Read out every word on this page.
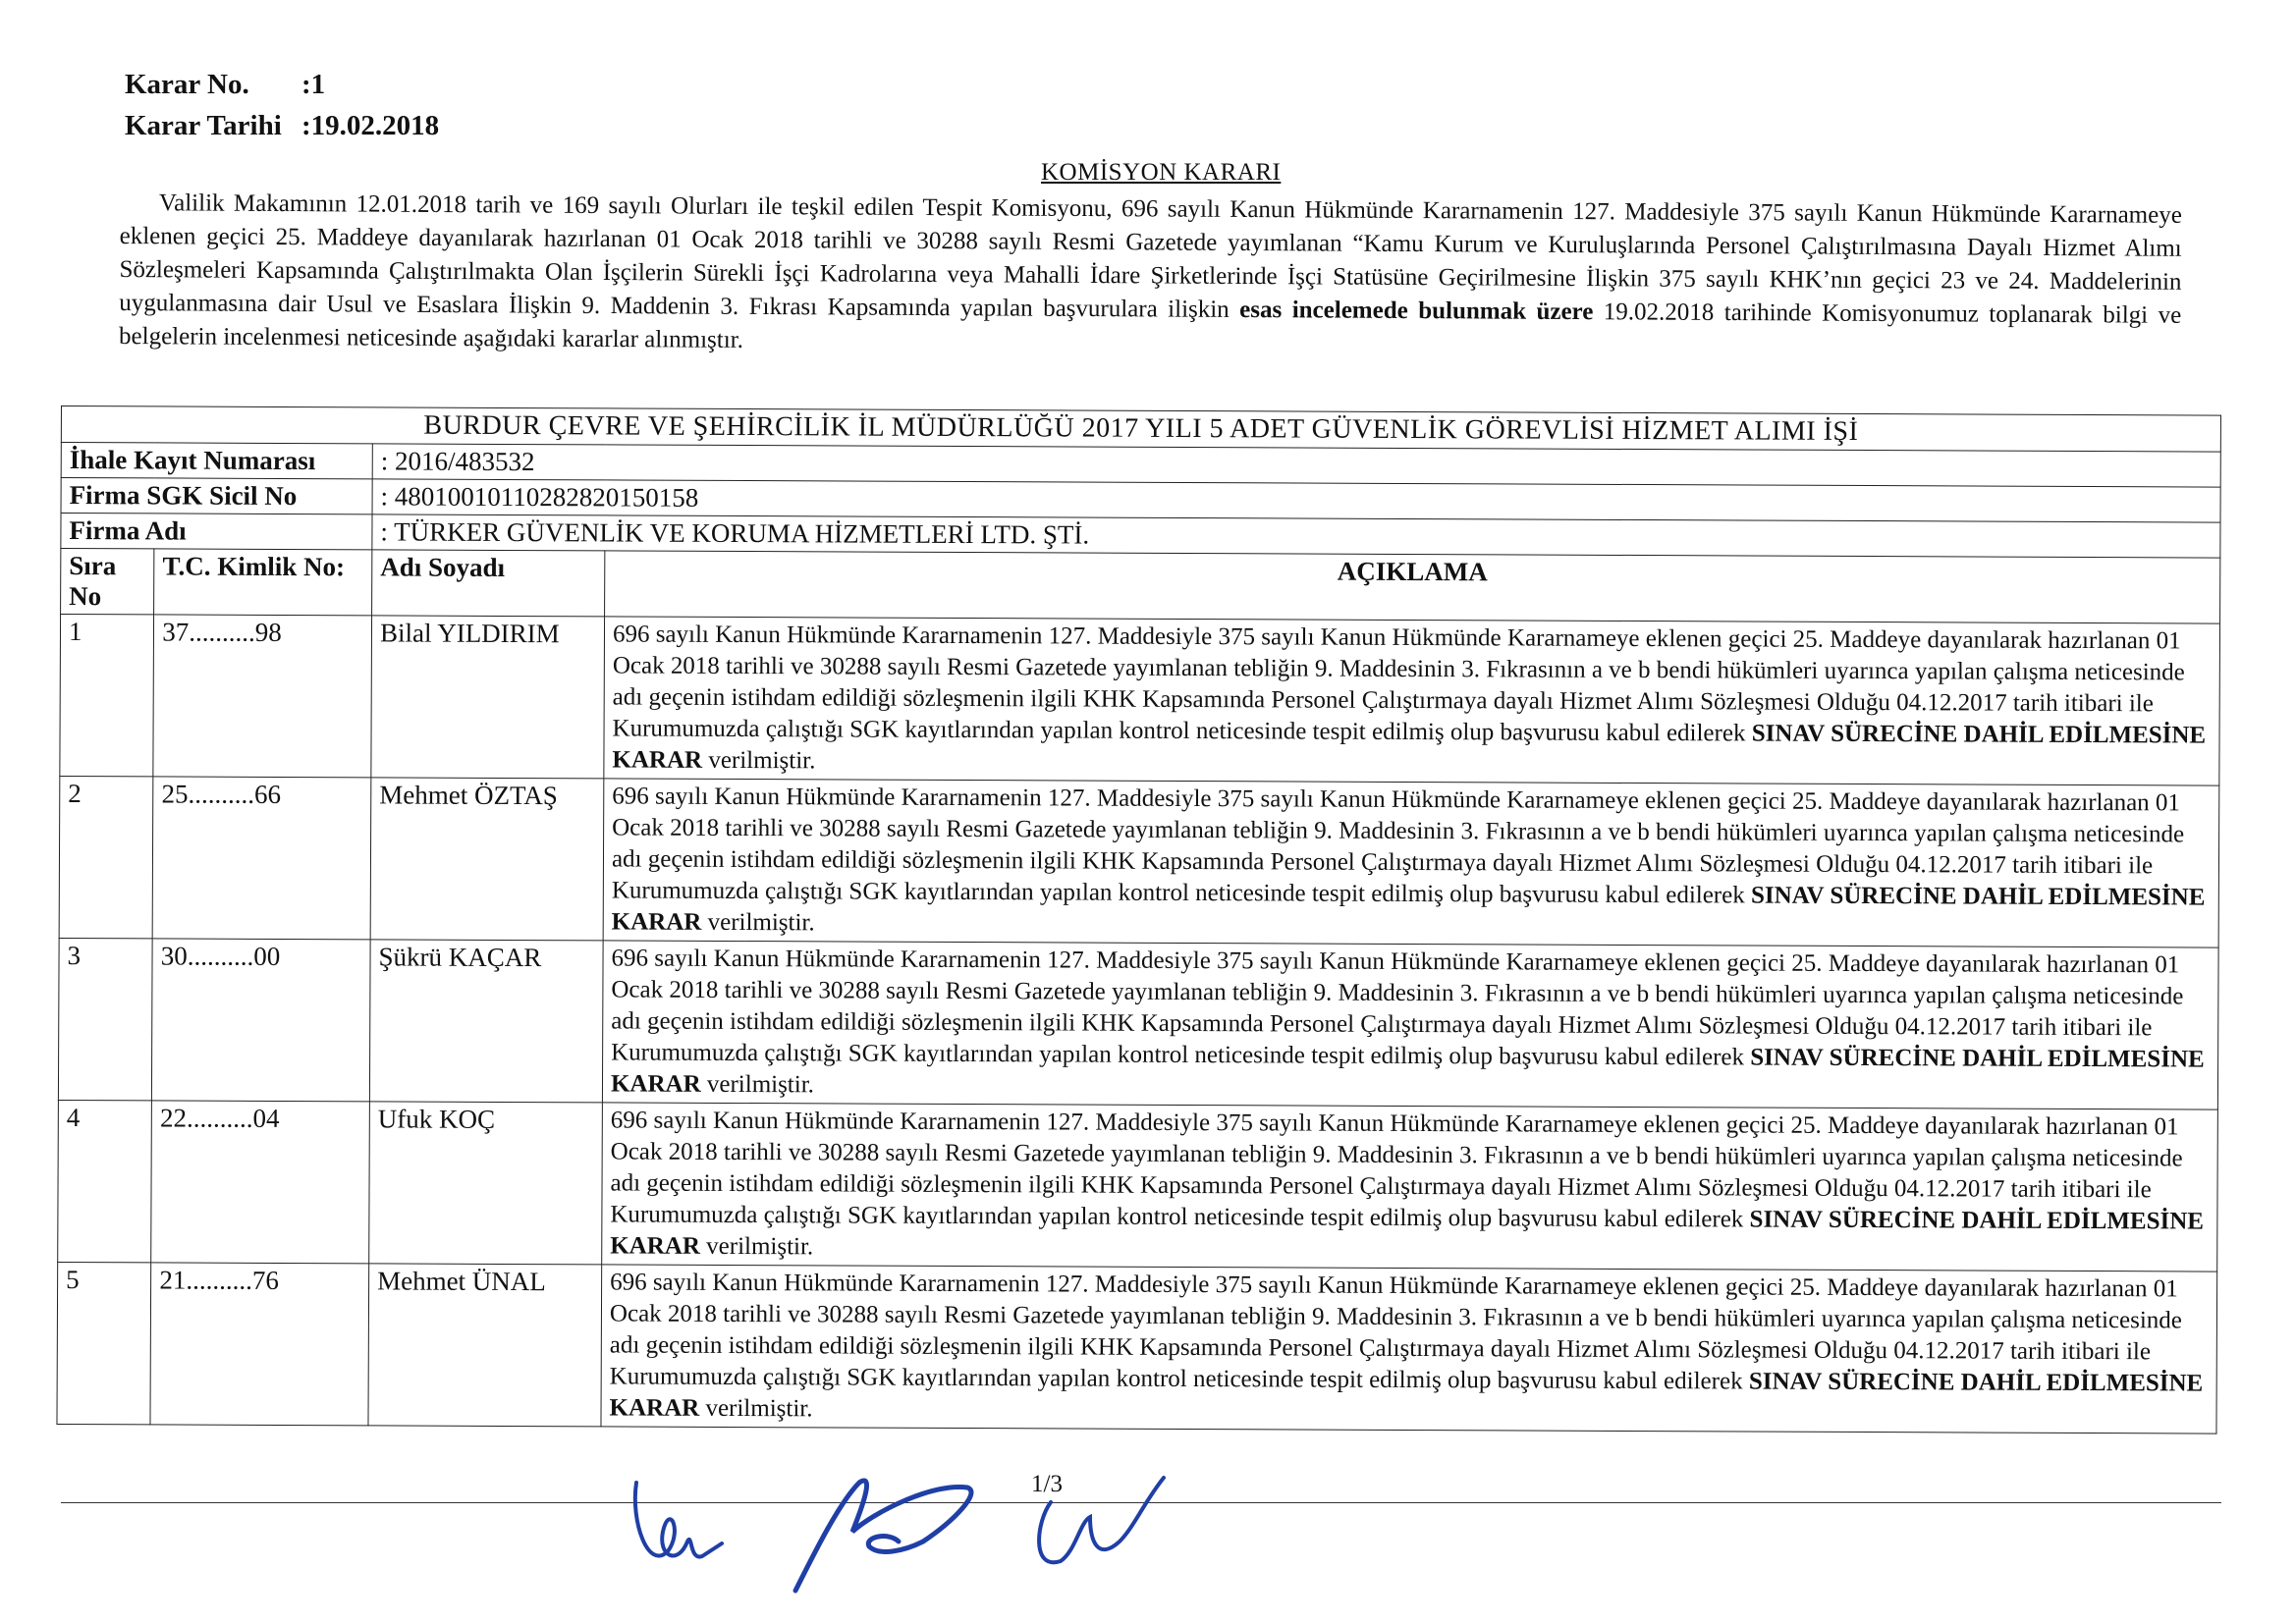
Karar No. :1
Karar Tarihi :19.02.2018
KOMİSYON KARARI
Valilik Makamının 12.01.2018 tarih ve 169 sayılı Olurları ile teşkil edilen Tespit Komisyonu, 696 sayılı Kanun Hükmünde Kararnamenin 127. Maddesiyle 375 sayılı Kanun Hükmünde Kararnameye eklenen geçici 25. Maddeye dayanılarak hazırlanan 01 Ocak 2018 tarihli ve 30288 sayılı Resmi Gazetede yayımlanan “Kamu Kurum ve Kuruluşlarında Personel Çalıştırılmasına Dayalı Hizmet Alımı Sözleşmeleri Kapsamında Çalıştırılmakta Olan İşçilerin Sürekli İşçi Kadrolarına veya Mahalli İdare Şirketlerinde İşçi Statüsüne Geçirilmesine İlişkin 375 sayılı KHK’nın geçici 23 ve 24. Maddelerinin uygulanmasına dair Usul ve Esaslara İlişkin 9. Maddenin 3. Fıkrası Kapsamında yapılan başvurulara ilişkin esas incelemede bulunmak üzere 19.02.2018 tarihinde Komisyonumuz toplanarak bilgi ve belgelerin incelenmesi neticesinde aşağıdaki kararlar alınmıştır.
BURDUR ÇEVRE VE ŞEHİRCİLİK İL MÜDÜRLÜĞÜ 2017 YILI 5 ADET GÜVENLİK GÖREVLİSİ HİZMET ALIMI İŞİ			
İhale Kayıt Numarası		: 2016/483532	
Firma SGK Sicil No		: 48010010110282820150158	
Firma Adı		: TÜRKER GÜVENLİK VE KORUMA HİZMETLERİ LTD. ŞTİ.	
Sıra No	T.C. Kimlik No:	Adı Soyadı	AÇIKLAMA
1	37..........98	Bilal YILDIRIM	696 sayılı Kanun Hükmünde Kararnamenin 127. Maddesiyle 375 sayılı Kanun Hükmünde Kararnameye eklenen geçici 25. Maddeye dayanılarak hazırlanan 01 Ocak 2018 tarihli ve 30288 sayılı Resmi Gazetede yayımlanan tebliğin 9. Maddesinin 3. Fıkrasının a ve b bendi hükümleri uyarınca yapılan çalışma neticesinde adı geçenin istihdam edildiği sözleşmenin ilgili KHK Kapsamında Personel Çalıştırmaya dayalı Hizmet Alımı Sözleşmesi Olduğu 04.12.2017 tarih itibari ile Kurumumuzda çalıştığı SGK kayıtlarından yapılan kontrol neticesinde tespit edilmiş olup başvurusu kabul edilerek SINAV SÜRECİNE DAHİL EDİLMESİNE KARAR verilmiştir.
2	25..........66	Mehmet ÖZTAŞ	696 sayılı Kanun Hükmünde Kararnamenin 127. Maddesiyle 375 sayılı Kanun Hükmünde Kararnameye eklenen geçici 25. Maddeye dayanılarak hazırlanan 01 Ocak 2018 tarihli ve 30288 sayılı Resmi Gazetede yayımlanan tebliğin 9. Maddesinin 3. Fıkrasının a ve b bendi hükümleri uyarınca yapılan çalışma neticesinde adı geçenin istihdam edildiği sözleşmenin ilgili KHK Kapsamında Personel Çalıştırmaya dayalı Hizmet Alımı Sözleşmesi Olduğu 04.12.2017 tarih itibari ile Kurumumuzda çalıştığı SGK kayıtlarından yapılan kontrol neticesinde tespit edilmiş olup başvurusu kabul edilerek SINAV SÜRECİNE DAHİL EDİLMESİNE KARAR verilmiştir.
3	30..........00	Şükrü KAÇAR	696 sayılı Kanun Hükmünde Kararnamenin 127. Maddesiyle 375 sayılı Kanun Hükmünde Kararnameye eklenen geçici 25. Maddeye dayanılarak hazırlanan 01 Ocak 2018 tarihli ve 30288 sayılı Resmi Gazetede yayımlanan tebliğin 9. Maddesinin 3. Fıkrasının a ve b bendi hükümleri uyarınca yapılan çalışma neticesinde adı geçenin istihdam edildiği sözleşmenin ilgili KHK Kapsamında Personel Çalıştırmaya dayalı Hizmet Alımı Sözleşmesi Olduğu 04.12.2017 tarih itibari ile Kurumumuzda çalıştığı SGK kayıtlarından yapılan kontrol neticesinde tespit edilmiş olup başvurusu kabul edilerek SINAV SÜRECİNE DAHİL EDİLMESİNE KARAR verilmiştir.
4	22..........04	Ufuk KOÇ	696 sayılı Kanun Hükmünde Kararnamenin 127. Maddesiyle 375 sayılı Kanun Hükmünde Kararnameye eklenen geçici 25. Maddeye dayanılarak hazırlanan 01 Ocak 2018 tarihli ve 30288 sayılı Resmi Gazetede yayımlanan tebliğin 9. Maddesinin 3. Fıkrasının a ve b bendi hükümleri uyarınca yapılan çalışma neticesinde adı geçenin istihdam edildiği sözleşmenin ilgili KHK Kapsamında Personel Çalıştırmaya dayalı Hizmet Alımı Sözleşmesi Olduğu 04.12.2017 tarih itibari ile Kurumumuzda çalıştığı SGK kayıtlarından yapılan kontrol neticesinde tespit edilmiş olup başvurusu kabul edilerek SINAV SÜRECİNE DAHİL EDİLMESİNE KARAR verilmiştir.
5	21..........76	Mehmet ÜNAL	696 sayılı Kanun Hükmünde Kararnamenin 127. Maddesiyle 375 sayılı Kanun Hükmünde Kararnameye eklenen geçici 25. Maddeye dayanılarak hazırlanan 01 Ocak 2018 tarihli ve 30288 sayılı Resmi Gazetede yayımlanan tebliğin 9. Maddesinin 3. Fıkrasının a ve b bendi hükümleri uyarınca yapılan çalışma neticesinde adı geçenin istihdam edildiği sözleşmenin ilgili KHK Kapsamında Personel Çalıştırmaya dayalı Hizmet Alımı Sözleşmesi Olduğu 04.12.2017 tarih itibari ile Kurumumuzda çalıştığı SGK kayıtlarından yapılan kontrol neticesinde tespit edilmiş olup başvurusu kabul edilerek SINAV SÜRECİNE DAHİL EDİLMESİNE KARAR verilmiştir.
1/3
